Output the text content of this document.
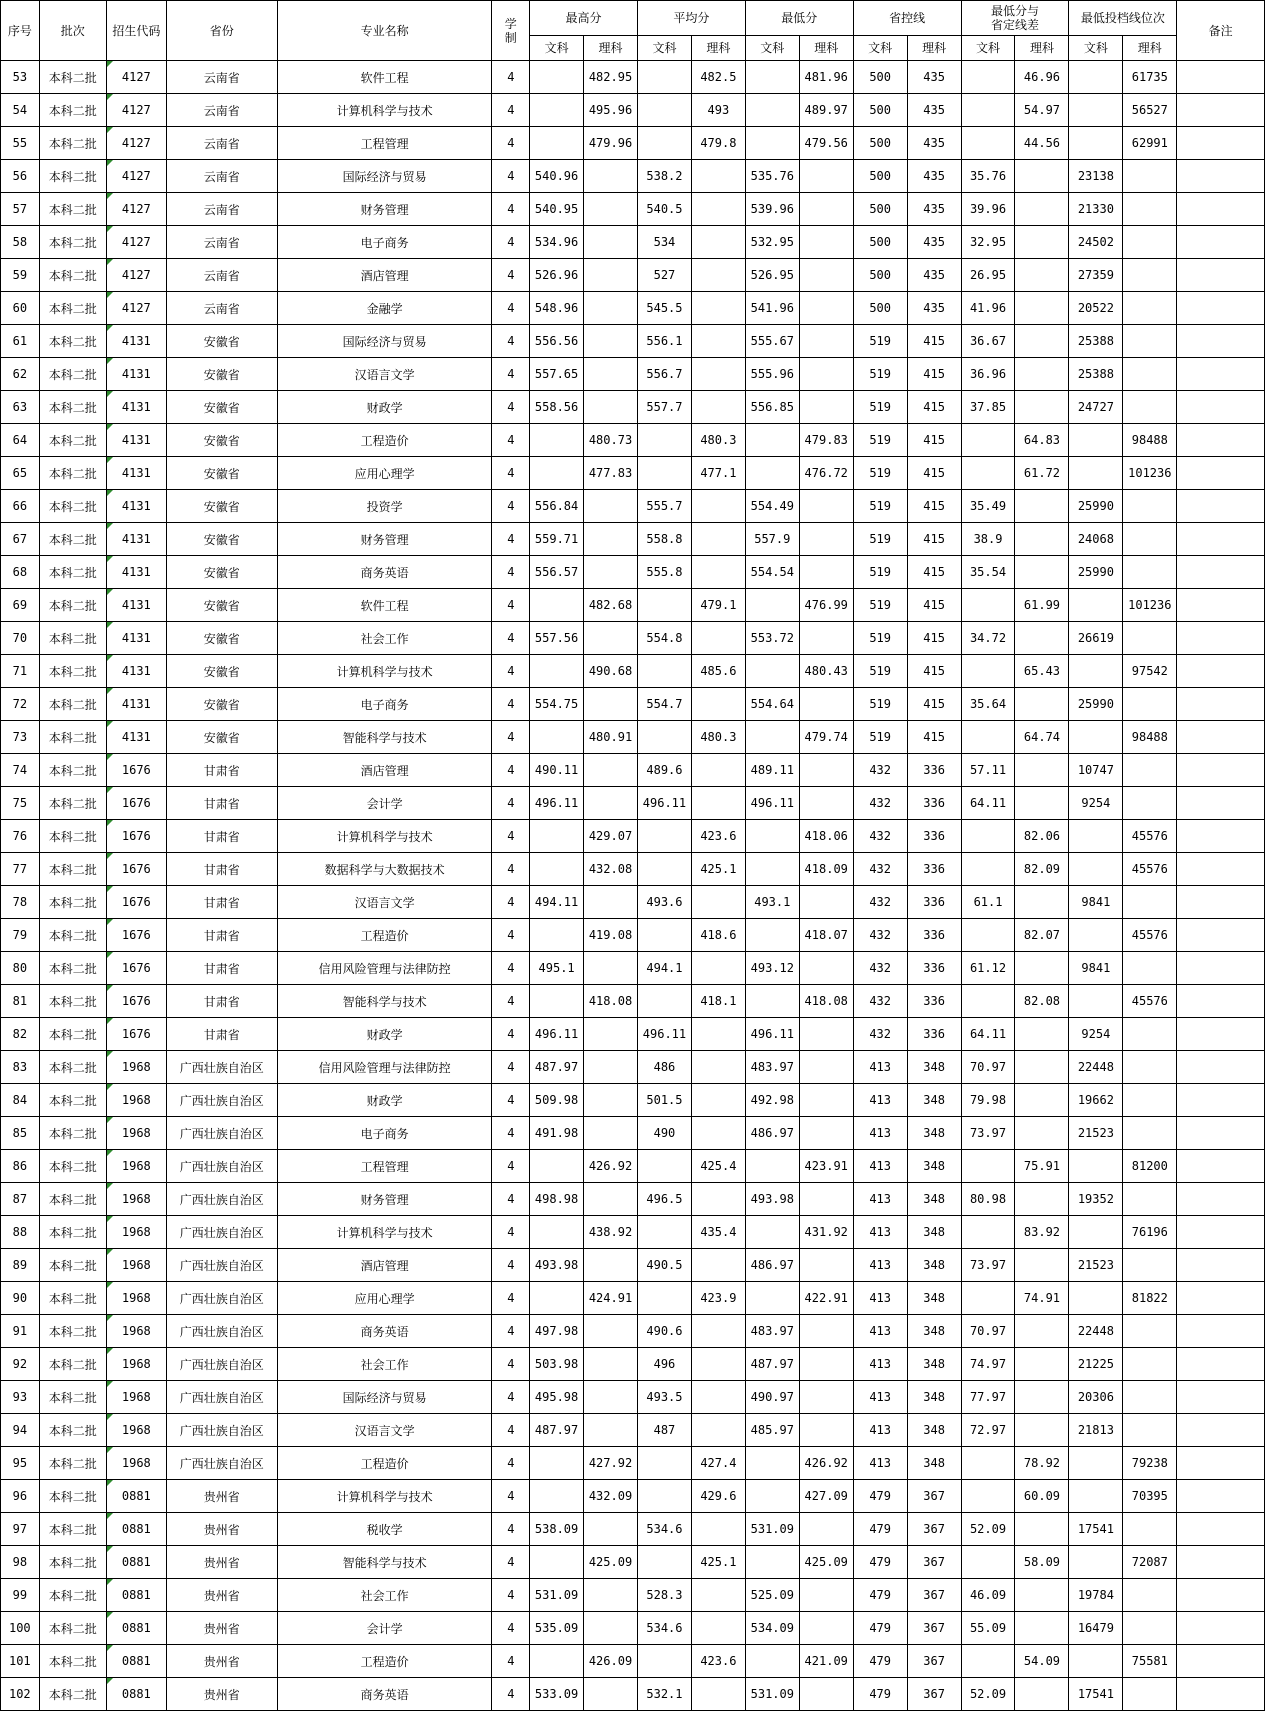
序号	批次	招生代码	省份	专业名称	学
制	最高分		平均分		最低分		省控线		最低分与
省定线差		最低投档线位次		备注
						文科	理科	文科	理科	文科	理科	文科	理科	文科	理科	文科	理科	
53	本科二批	4127	云南省	软件工程	4		482.95		482.5		481.96	500	435		46.96		61735	
54	本科二批	4127	云南省	计算机科学与技术	4		495.96		493		489.97	500	435		54.97		56527	
55	本科二批	4127	云南省	工程管理	4		479.96		479.8		479.56	500	435		44.56		62991	
56	本科二批	4127	云南省	国际经济与贸易	4	540.96		538.2		535.76		500	435	35.76		23138		
57	本科二批	4127	云南省	财务管理	4	540.95		540.5		539.96		500	435	39.96		21330		
58	本科二批	4127	云南省	电子商务	4	534.96		534		532.95		500	435	32.95		24502		
59	本科二批	4127	云南省	酒店管理	4	526.96		527		526.95		500	435	26.95		27359		
60	本科二批	4127	云南省	金融学	4	548.96		545.5		541.96		500	435	41.96		20522		
61	本科二批	4131	安徽省	国际经济与贸易	4	556.56		556.1		555.67		519	415	36.67		25388		
62	本科二批	4131	安徽省	汉语言文学	4	557.65		556.7		555.96		519	415	36.96		25388		
63	本科二批	4131	安徽省	财政学	4	558.56		557.7		556.85		519	415	37.85		24727		
64	本科二批	4131	安徽省	工程造价	4		480.73		480.3		479.83	519	415		64.83		98488	
65	本科二批	4131	安徽省	应用心理学	4		477.83		477.1		476.72	519	415		61.72		101236	
66	本科二批	4131	安徽省	投资学	4	556.84		555.7		554.49		519	415	35.49		25990		
67	本科二批	4131	安徽省	财务管理	4	559.71		558.8		557.9		519	415	38.9		24068		
68	本科二批	4131	安徽省	商务英语	4	556.57		555.8		554.54		519	415	35.54		25990		
69	本科二批	4131	安徽省	软件工程	4		482.68		479.1		476.99	519	415		61.99		101236	
70	本科二批	4131	安徽省	社会工作	4	557.56		554.8		553.72		519	415	34.72		26619		
71	本科二批	4131	安徽省	计算机科学与技术	4		490.68		485.6		480.43	519	415		65.43		97542	
72	本科二批	4131	安徽省	电子商务	4	554.75		554.7		554.64		519	415	35.64		25990		
73	本科二批	4131	安徽省	智能科学与技术	4		480.91		480.3		479.74	519	415		64.74		98488	
74	本科二批	1676	甘肃省	酒店管理	4	490.11		489.6		489.11		432	336	57.11		10747		
75	本科二批	1676	甘肃省	会计学	4	496.11		496.11		496.11		432	336	64.11		9254		
76	本科二批	1676	甘肃省	计算机科学与技术	4		429.07		423.6		418.06	432	336		82.06		45576	
77	本科二批	1676	甘肃省	数据科学与大数据技术	4		432.08		425.1		418.09	432	336		82.09		45576	
78	本科二批	1676	甘肃省	汉语言文学	4	494.11		493.6		493.1		432	336	61.1		9841		
79	本科二批	1676	甘肃省	工程造价	4		419.08		418.6		418.07	432	336		82.07		45576	
80	本科二批	1676	甘肃省	信用风险管理与法律防控	4	495.1		494.1		493.12		432	336	61.12		9841		
81	本科二批	1676	甘肃省	智能科学与技术	4		418.08		418.1		418.08	432	336		82.08		45576	
82	本科二批	1676	甘肃省	财政学	4	496.11		496.11		496.11		432	336	64.11		9254		
83	本科二批	1968	广西壮族自治区	信用风险管理与法律防控	4	487.97		486		483.97		413	348	70.97		22448		
84	本科二批	1968	广西壮族自治区	财政学	4	509.98		501.5		492.98		413	348	79.98		19662		
85	本科二批	1968	广西壮族自治区	电子商务	4	491.98		490		486.97		413	348	73.97		21523		
86	本科二批	1968	广西壮族自治区	工程管理	4		426.92		425.4		423.91	413	348		75.91		81200	
87	本科二批	1968	广西壮族自治区	财务管理	4	498.98		496.5		493.98		413	348	80.98		19352		
88	本科二批	1968	广西壮族自治区	计算机科学与技术	4		438.92		435.4		431.92	413	348		83.92		76196	
89	本科二批	1968	广西壮族自治区	酒店管理	4	493.98		490.5		486.97		413	348	73.97		21523		
90	本科二批	1968	广西壮族自治区	应用心理学	4		424.91		423.9		422.91	413	348		74.91		81822	
91	本科二批	1968	广西壮族自治区	商务英语	4	497.98		490.6		483.97		413	348	70.97		22448		
92	本科二批	1968	广西壮族自治区	社会工作	4	503.98		496		487.97		413	348	74.97		21225		
93	本科二批	1968	广西壮族自治区	国际经济与贸易	4	495.98		493.5		490.97		413	348	77.97		20306		
94	本科二批	1968	广西壮族自治区	汉语言文学	4	487.97		487		485.97		413	348	72.97		21813		
95	本科二批	1968	广西壮族自治区	工程造价	4		427.92		427.4		426.92	413	348		78.92		79238	
96	本科二批	0881	贵州省	计算机科学与技术	4		432.09		429.6		427.09	479	367		60.09		70395	
97	本科二批	0881	贵州省	税收学	4	538.09		534.6		531.09		479	367	52.09		17541		
98	本科二批	0881	贵州省	智能科学与技术	4		425.09		425.1		425.09	479	367		58.09		72087	
99	本科二批	0881	贵州省	社会工作	4	531.09		528.3		525.09		479	367	46.09		19784		
100	本科二批	0881	贵州省	会计学	4	535.09		534.6		534.09		479	367	55.09		16479		
101	本科二批	0881	贵州省	工程造价	4		426.09		423.6		421.09	479	367		54.09		75581	
102	本科二批	0881	贵州省	商务英语	4	533.09		532.1		531.09		479	367	52.09		17541		
